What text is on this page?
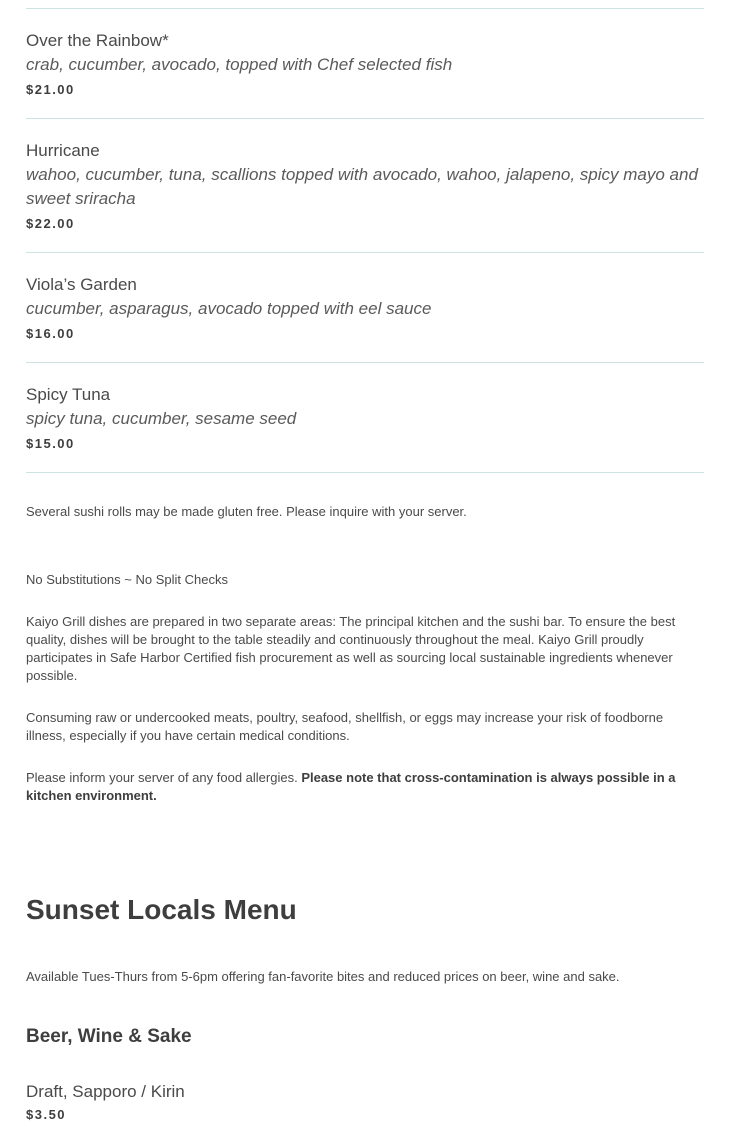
Over the Rainbow*
crab, cucumber, avocado, topped with Chef selected fish
$21.00
Hurricane
wahoo, cucumber, tuna, scallions topped with avocado, wahoo, jalapeno, spicy mayo and sweet sriracha
$22.00
Viola’s Garden
cucumber, asparagus, avocado topped with eel sauce
$16.00
Spicy Tuna
spicy tuna, cucumber, sesame seed
$15.00
Several sushi rolls may be made gluten free. Please inquire with your server.
No Substitutions ~ No Split Checks
Kaiyo Grill dishes are prepared in two separate areas: The principal kitchen and the sushi bar. To ensure the best quality, dishes will be brought to the table steadily and continuously throughout the meal. Kaiyo Grill proudly participates in Safe Harbor Certified fish procurement as well as sourcing local sustainable ingredients whenever possible.
Consuming raw or undercooked meats, poultry, seafood, shellfish, or eggs may increase your risk of foodborne illness, especially if you have certain medical conditions.
Please inform your server of any food allergies. Please note that cross-contamination is always possible in a kitchen environment.
Sunset Locals Menu
Available Tues-Thurs from 5-6pm offering fan-favorite bites and reduced prices on beer, wine and sake.
Beer, Wine & Sake
Draft, Sapporo / Kirin
$3.50
